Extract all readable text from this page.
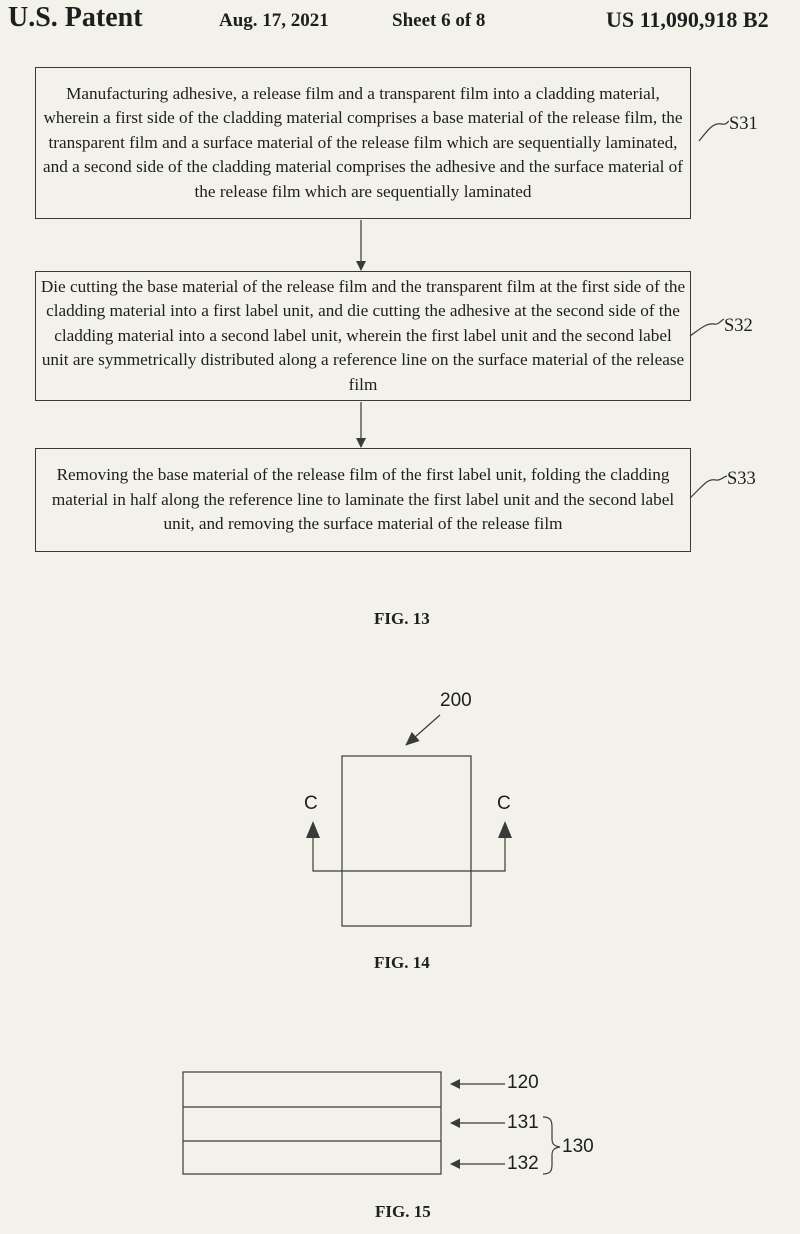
U.S. Patent	Aug. 17, 2021	Sheet 6 of 8	US 11,090,918 B2
Manufacturing adhesive, a release film and a transparent film into a cladding material, wherein a first side of the cladding material comprises a base material of the release film, the transparent film and a surface material of the release film which are sequentially laminated, and a second side of the cladding material comprises the adhesive and the surface material of the release film which are sequentially laminated
Die cutting the base material of the release film and the transparent film at the first side of the cladding material into a first label unit, and die cutting the adhesive at the second side of the cladding material into a second label unit, wherein the first label unit and the second label unit are symmetrically distributed along a reference line on the surface material of the release film
Removing the base material of the release film of the first label unit, folding the cladding material in half along the reference line to laminate the first label unit and the second label unit, and removing the surface material of the release film
S31
S32
S33
FIG. 13
200
C	C
FIG. 14
120
131
132
130
FIG. 15
